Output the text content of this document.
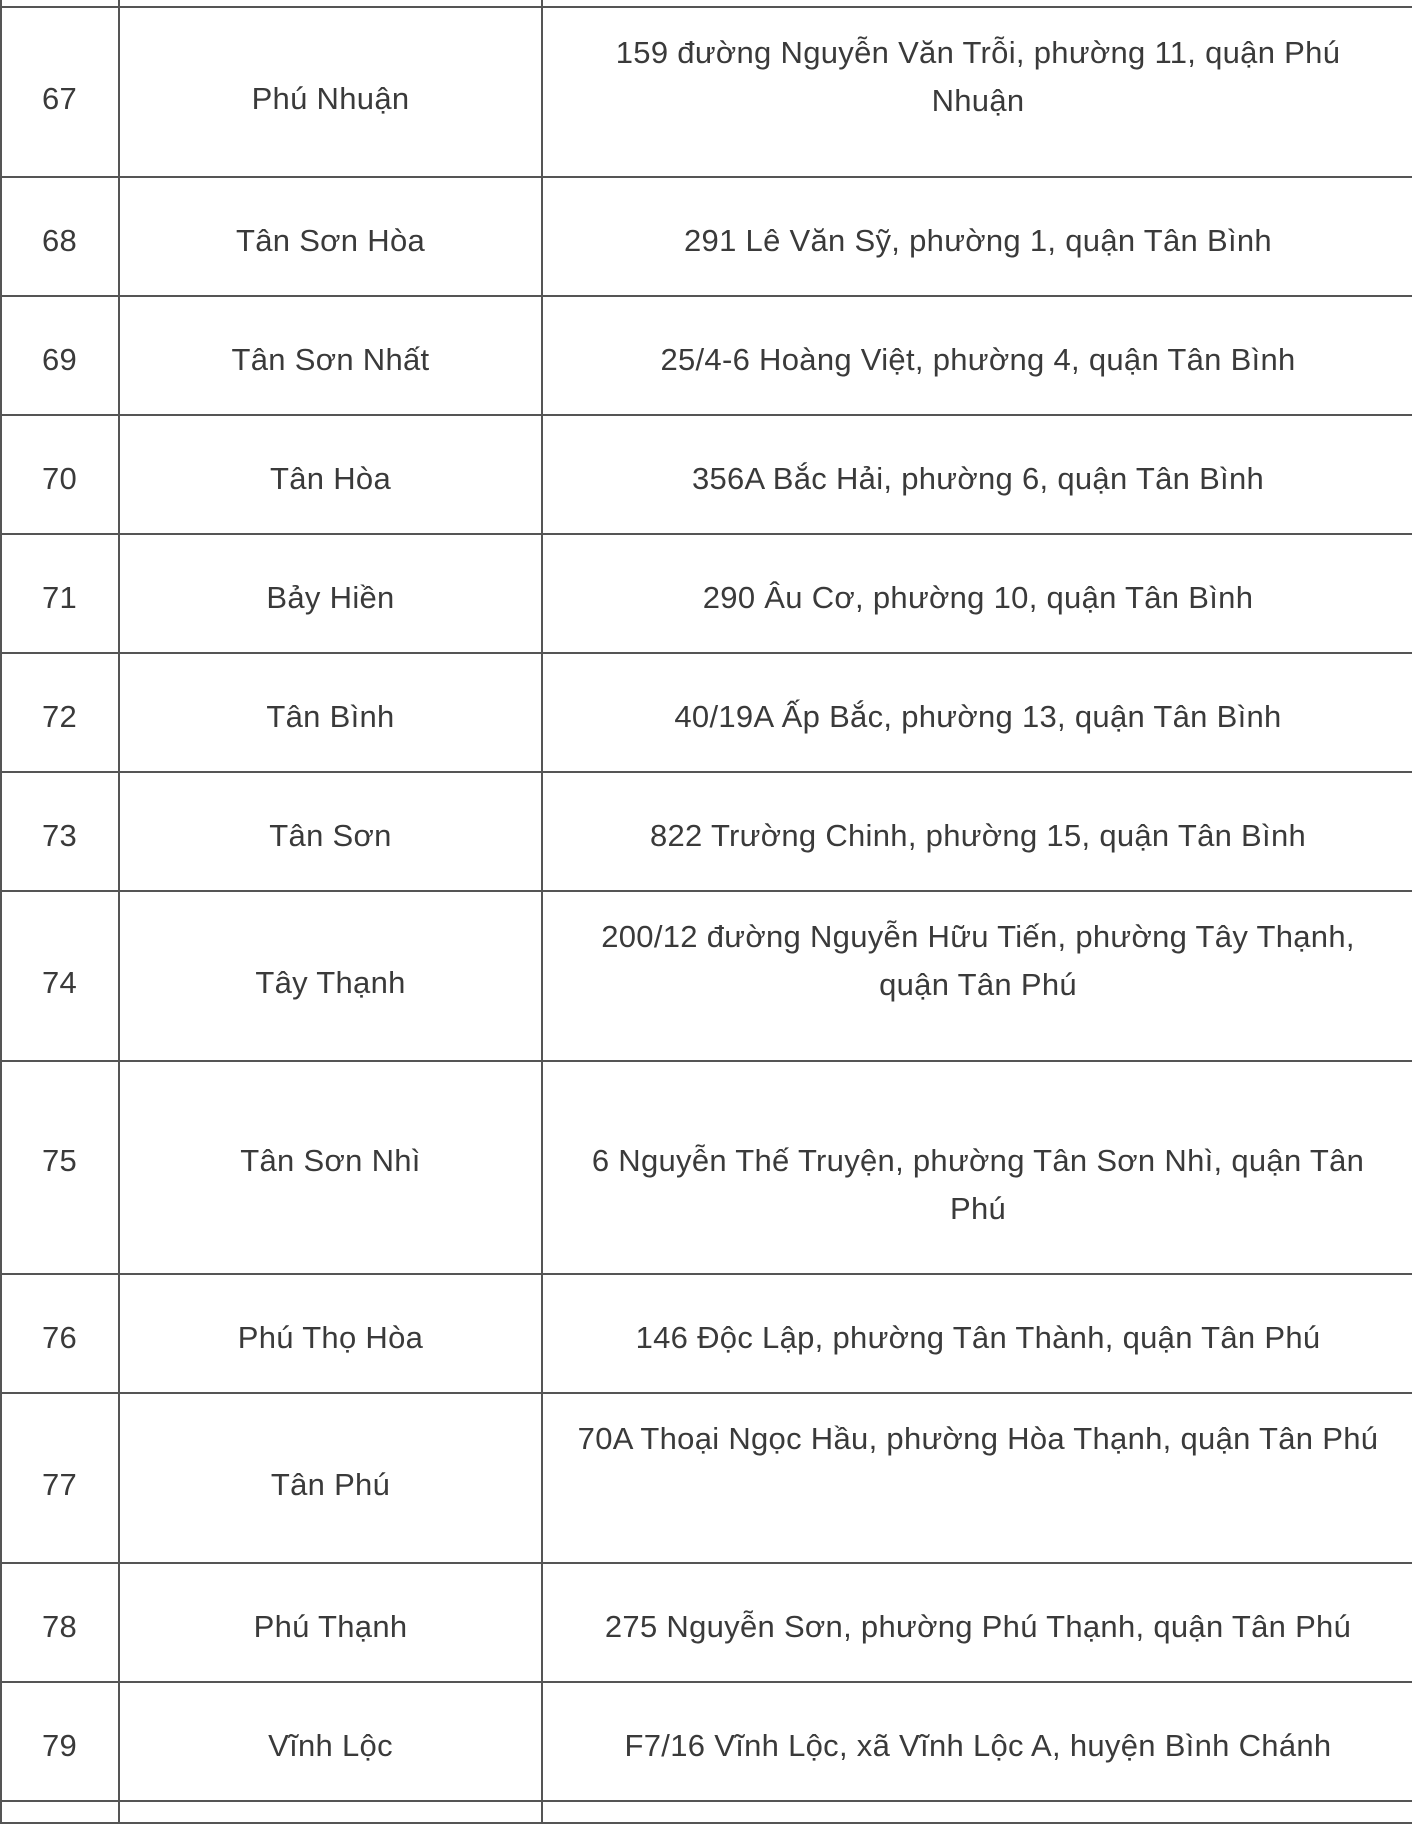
67	Phú Nhuận	159 đường Nguyễn Văn Trỗi, phường 11, quận Phú Nhuận

68	Tân Sơn Hòa	291 Lê Văn Sỹ, phường 1, quận Tân Bình

69	Tân Sơn Nhất	25/4-6 Hoàng Việt, phường 4, quận Tân Bình

70	Tân Hòa	356A Bắc Hải, phường 6, quận Tân Bình

71	Bảy Hiền	290 Âu Cơ, phường 10, quận Tân Bình

72	Tân Bình	40/19A Ấp Bắc, phường 13, quận Tân Bình

73	Tân Sơn	822 Trường Chinh, phường 15, quận Tân Bình

74	Tây Thạnh	200/12 đường Nguyễn Hữu Tiến, phường Tây Thạnh, quận Tân Phú

75	Tân Sơn Nhì	6 Nguyễn Thế Truyện, phường Tân Sơn Nhì, quận Tân Phú

76	Phú Thọ Hòa	146 Độc Lập, phường Tân Thành, quận Tân Phú

77	Tân Phú	70A Thoại Ngọc Hầu, phường Hòa Thạnh, quận Tân Phú

78	Phú Thạnh	275 Nguyễn Sơn, phường Phú Thạnh, quận Tân Phú

79	Vĩnh Lộc	F7/16 Vĩnh Lộc, xã Vĩnh Lộc A, huyện Bình Chánh
